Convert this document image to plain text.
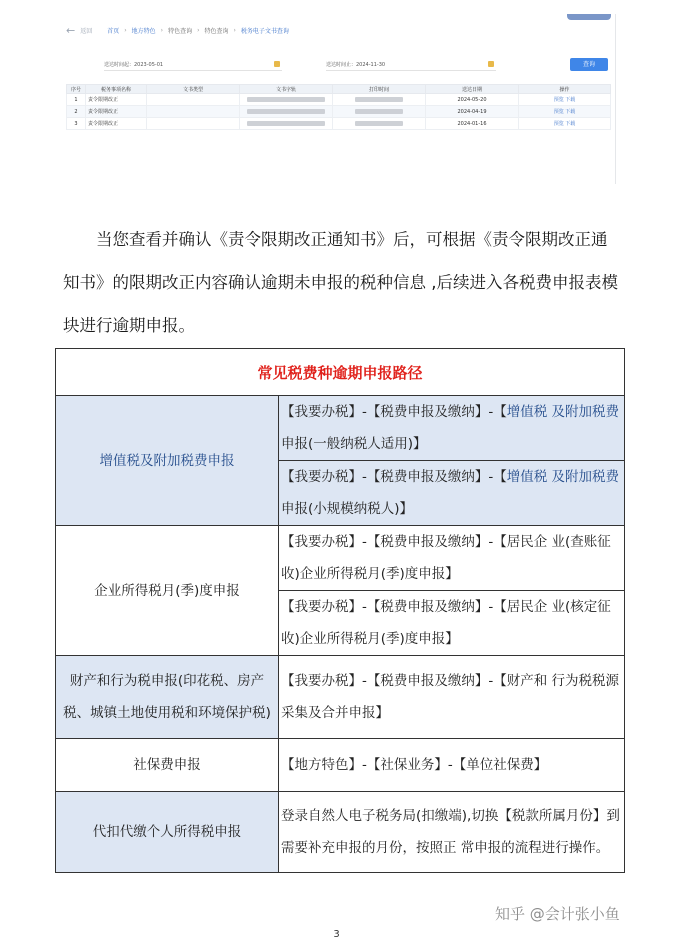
← 返回	首页 › 地方特色 › 特色查询 › 特色查询 › 税务电子文书查询
送达时间起：2023-05-01	送达时间止：2024-11-30	查询
序号	税务事项名称	文书类型	文书字轨	打印时间	送达日期	操作
1	责令限期改正				2024-05-20	预览 下载
2	责令限期改正				2024-04-19	预览 下载
3	责令限期改正				2024-01-16	预览 下载
当您查看并确认《责令限期改正通知书》后，可根据《责令限期改正通知书》的限期改正内容确认逾期未申报的税种信息 ,后续进入各税费申报表模块进行逾期申报。
常见税费种逾期申报路径	
增值税及附加税费申报	【我要办税】-【税费申报及缴纳】-【增值税 及附加税费申报(一般纳税人适用)】
	【我要办税】-【税费申报及缴纳】-【增值税 及附加税费申报(小规模纳税人)】
企业所得税月(季)度申报	【我要办税】-【税费申报及缴纳】-【居民企 业(查账征收)企业所得税月(季)度申报】
	【我要办税】-【税费申报及缴纳】-【居民企 业(核定征收)企业所得税月(季)度申报】
财产和行为税申报(印花税、房产税、城镇土地使用税和环境保护税)	【我要办税】-【税费申报及缴纳】-【财产和 行为税税源采集及合并申报】
社保费申报	【地方特色】-【社保业务】-【单位社保费】
代扣代缴个人所得税申报	登录自然人电子税务局(扣缴端),切换【税款所属月份】到需要补充申报的月份，按照正 常申报的流程进行操作。
知乎 @会计张小鱼
3
